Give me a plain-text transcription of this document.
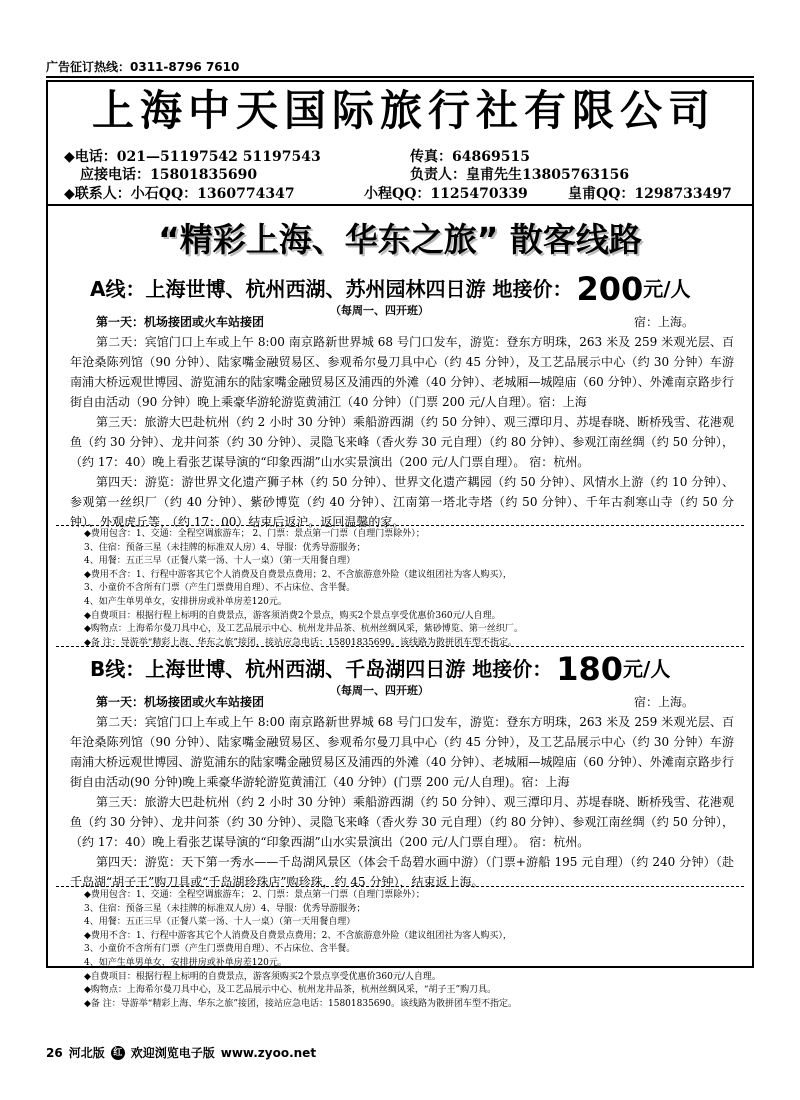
广告征订热线：0311-8796 7610
上海中天国际旅行社有限公司
◆电话：021—51197542 51197543	传真：64869515
应接电话：15801835690	负责人：皇甫先生13805763156
◆联系人：小石QQ：1360774347	小程QQ：1125470339	皇甫QQ：1298733497
“精彩上海、华东之旅” 散客线路
A线：上海世博、杭州西湖、苏州园林四日游 地接价： 200元/人
（每周一、四开班）

第一天：机场接团或火车站接团	宿：上海。

第二天：宾馆门口上车或上午 8:00 南京路新世界城 68 号门口发车，游览：登东方明珠，263 米及 259 米观光层、百年沧桑陈列馆（90 分钟）、陆家嘴金融贸易区、参观希尔曼刀具中心（约 45 分钟），及工艺品展示中心（约 30 分钟）车游南浦大桥远观世博园、游览浦东的陆家嘴金融贸易区及浦西的外滩（40 分钟）、老城厢—城隍庙（60 分钟）、外滩南京路步行街自由活动（90 分钟）晚上乘豪华游轮游览黄浦江（40 分钟）（门票 200 元/人自理）。宿：上海

第三天：旅游大巴赴杭州（约 2 小时 30 分钟）乘船游西湖（约 50 分钟）、观三潭印月、苏堤春晓、断桥残雪、花港观鱼（约 30 分钟）、龙井问茶（约 30 分钟）、灵隐飞来峰（香火券 30 元自理）（约 80 分钟）、参观江南丝绸（约 50 分钟），（约 17：40）晚上看张艺谋导演的“印象西湖”山水实景演出（200 元/人门票自理）。 宿：杭州。

第四天：游览：游世界文化遗产狮子林（约 50 分钟）、世界文化遗产耦园（约 50 分钟）、风情水上游（约 10 分钟）、参观第一丝织厂（约 40 分钟）、紫砂博览（约 40 分钟）、江南第一塔北寺塔（约 50 分钟）、千年古刹寒山寺（约 50 分钟）、外观虎丘等，（约 17：00）结束后返沪。返回温馨的家。

◆费用包含：1、交通：全程空调旅游车； 2、门票：景点第一门票（自理门票除外）；
3、住宿：预备三星（未挂牌的标准双人房）4、导服：优秀导游服务；
4、用餐：五正三早（正餐八菜一汤、十人一桌）（第一天用餐自理）
◆费用不含：1、行程中游客其它个人消费及自费景点费用；2、不含旅游意外险（建议组团社为客人购买），
3、小童价不含所有门票（产生门票费用自理）、不占床位、含半餐。
4、如产生单男单女，安排拼房或补单房差120元。
◆自费项目：根据行程上标明的自费景点，游客须消费2个景点，购买2个景点享受优惠价360元/人自理。
◆购物点：上海希尔曼刀具中心，及工艺品展示中心、杭州龙井品茶、杭州丝绸风采，紫砂博览、第一丝织厂。
◆备 注：导游举“精彩上海、华东之旅”接团，接站应急电话：15801835690。该线路为散拼团车型不指定。
B线：上海世博、杭州西湖、千岛湖四日游 地接价： 180元/人
（每周一、四开班）

第一天：机场接团或火车站接团	宿：上海。

第二天：宾馆门口上车或上午 8:00 南京路新世界城 68 号门口发车，游览：登东方明珠，263 米及 259 米观光层、百年沧桑陈列馆（90 分钟）、陆家嘴金融贸易区、参观希尔曼刀具中心（约 45 分钟），及工艺品展示中心（约 30 分钟）车游南浦大桥远观世博园、游览浦东的陆家嘴金融贸易区及浦西的外滩（40 分钟）、老城厢—城隍庙（60 分钟）、外滩南京路步行街自由活动(90 分钟)晚上乘豪华游轮游览黄浦江（40 分钟）(门票 200 元/人自理)。宿：上海

第三天：旅游大巴赴杭州（约 2 小时 30 分钟）乘船游西湖（约 50 分钟）、观三潭印月、苏堤春晓、断桥残雪、花港观鱼（约 30 分钟）、龙井问茶（约 30 分钟）、灵隐飞来峰（香火券 30 元自理）（约 80 分钟）、参观江南丝绸（约 50 分钟），（约 17：40）晚上看张艺谋导演的“印象西湖”山水实景演出（200 元/人门票自理）。 宿：杭州。

第四天：游览：天下第一秀水——千岛湖风景区（体会千岛碧水画中游）（门票+游船 195 元自理）（约 240 分钟）（赴千岛湖“胡子王”购刀具或“千岛湖珍珠店”购珍珠，约 45 分钟），结束返上海。

◆费用包含：1、交通：全程空调旅游车； 2、门票：景点第一门票（自理门票除外）；
3、住宿：预备三星（未挂牌的标准双人房）4、导服：优秀导游服务；
4、用餐：五正三早（正餐八菜一汤、十人一桌）（第一天用餐自理）
◆费用不含：1、行程中游客其它个人消费及自费景点费用；2、不含旅游意外险（建议组团社为客人购买），
3、小童价不含所有门票（产生门票费用自理）、不占床位、含半餐。
4、如产生单男单女，安排拼房或补单房差120元。
◆自费项目：根据行程上标明的自费景点，游客须购买2个景点享受优惠价360元/人自理。
◆购物点：上海希尔曼刀具中心，及工艺品展示中心、杭州龙井品茶，杭州丝绸风采，“胡子王”购刀具。
◆备 注：导游举“精彩上海、华东之旅”接团，接站应急电话：15801835690。该线路为散拼团车型不指定。
26 河北版 红 欢迎浏览电子版 www.zyoo.net
